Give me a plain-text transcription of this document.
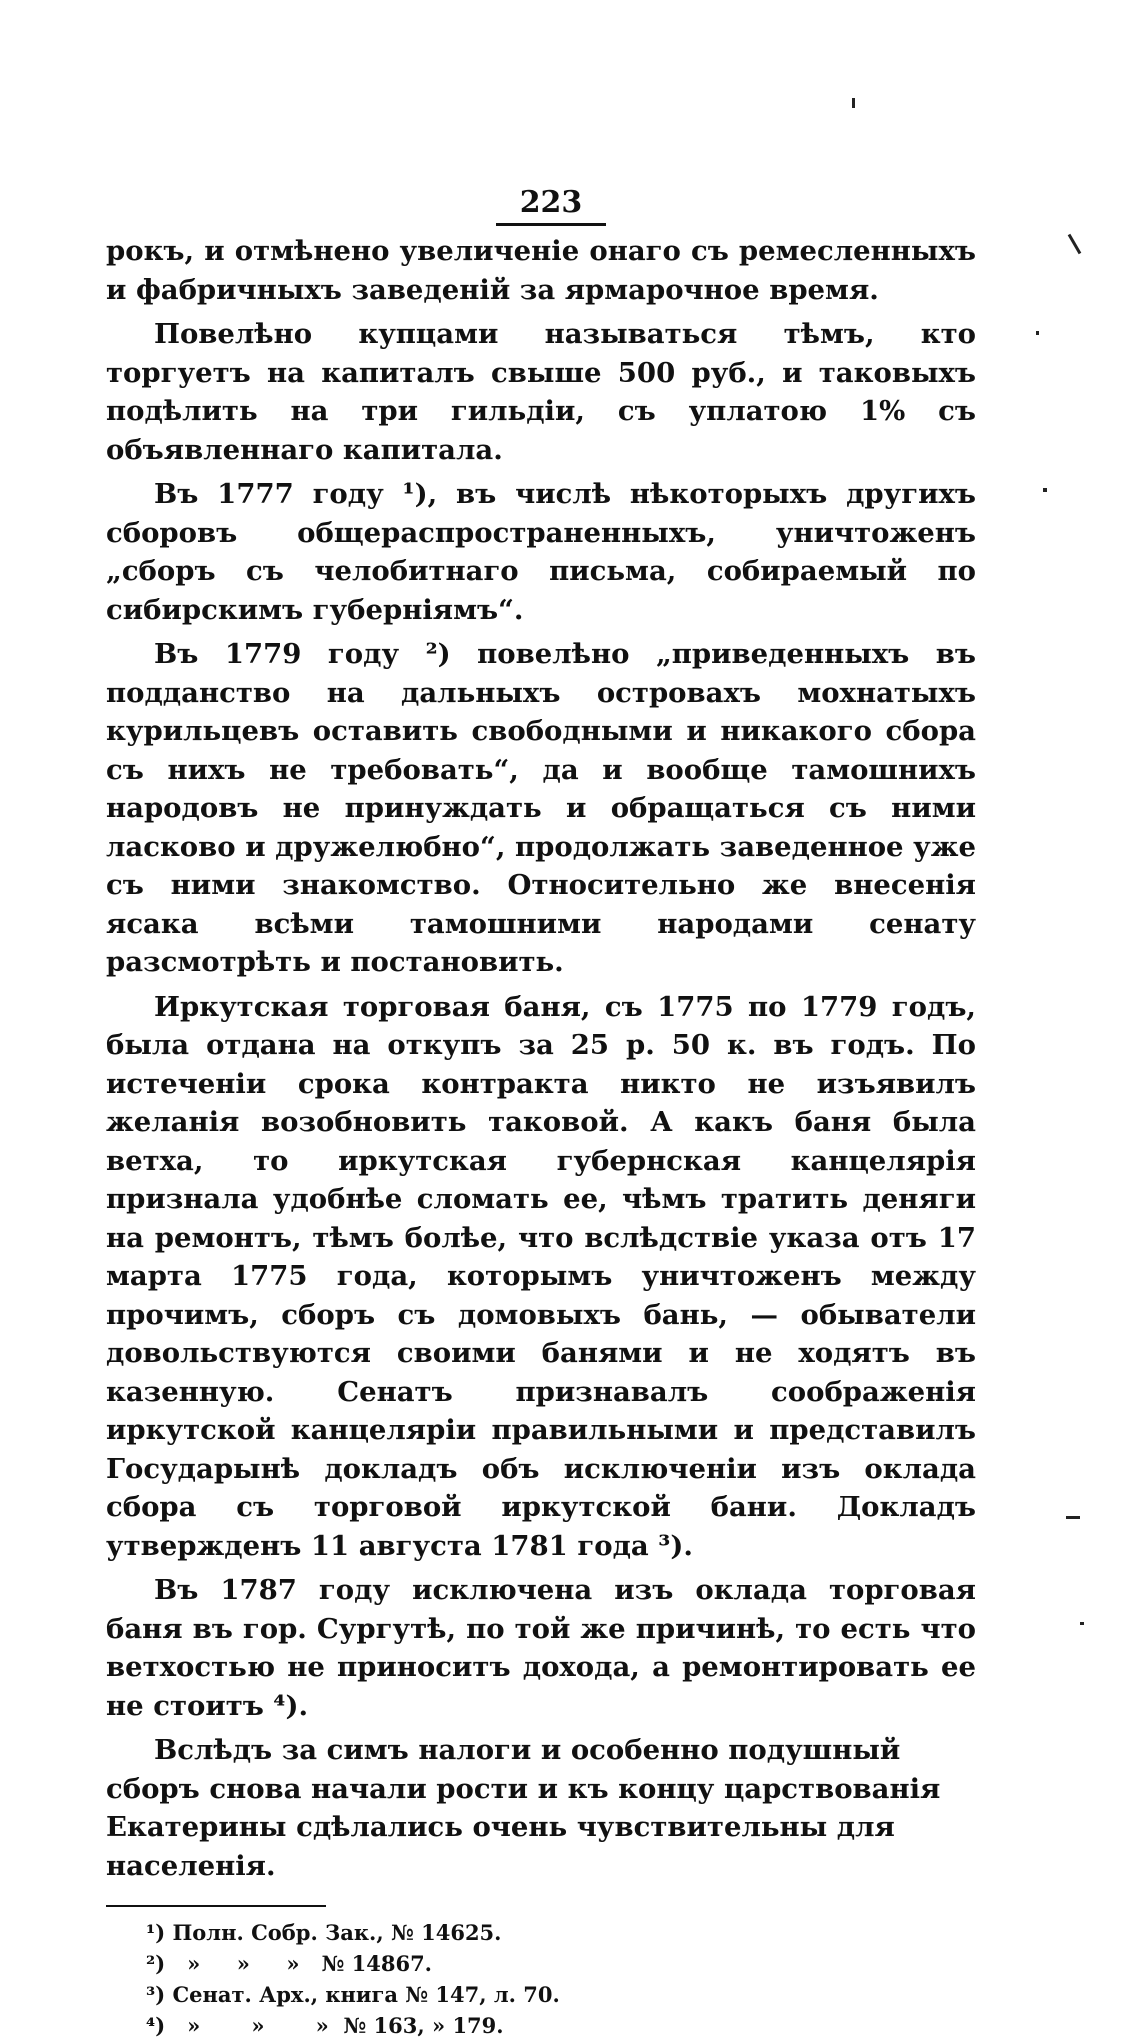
223

рокъ, и отмѣнено увеличеніе онаго съ ремесленныхъ и фабричныхъ заведеній за ярмарочное время.

Повелѣно купцами называться тѣмъ, кто торгуетъ на капиталъ свыше 500 руб., и таковыхъ подѣлить на три гильдіи, съ уплатою 1% съ объявленнаго капитала.

Въ 1777 году ¹), въ числѣ нѣкоторыхъ другихъ сборовъ общераспространенныхъ, уничтоженъ „сборъ съ челобитнаго письма, собираемый по сибирскимъ губерніямъ“.

Въ 1779 году ²) повелѣно „приведенныхъ въ подданство на дальныхъ островахъ мохнатыхъ курильцевъ оставить свободными и никакого сбора съ нихъ не требовать“, да и вообще тамошнихъ народовъ не принуждать и обращаться съ ними ласково и дружелюбно“, продолжать заведенное уже съ ними знакомство. Относительно же внесенія ясака всѣми тамошними народами сенату разсмотрѣть и постановить.

Иркутская торговая баня, съ 1775 по 1779 годъ, была отдана на откупъ за 25 р. 50 к. въ годъ. По истеченіи срока контракта никто не изъявилъ желанія возобновить таковой. А какъ баня была ветха, то иркутская губернская канцелярія признала удобнѣе сломать ее, чѣмъ тратить деняги на ремонтъ, тѣмъ болѣе, что вслѣдствіе указа отъ 17 марта 1775 года, которымъ уничтоженъ между прочимъ, сборъ съ домовыхъ бань, — обыватели довольствуются своими банями и не ходятъ въ казенную. Сенатъ признавалъ соображенія иркутской канцеляріи правильными и представилъ Государынѣ докладъ объ исключеніи изъ оклада сбора съ торговой иркутской бани. Докладъ утвержденъ 11 августа 1781 года ³).

Въ 1787 году исключена изъ оклада торговая баня въ гор. Сургутѣ, по той же причинѣ, то есть что ветхостью не приноситъ дохода, а ремонтировать ее не стоитъ ⁴).

Вслѣдъ за симъ налоги и особенно подушный сборъ снова начали рости и къ концу царствованія Екатерины сдѣлались очень чувствительны для населенія.

¹) Полн. Собр. Зак., № 14625.
²)   »     »     »   № 14867.
³) Сенат. Арх., книга № 147, л. 70.
⁴)   »       »       »  № 163, » 179.
